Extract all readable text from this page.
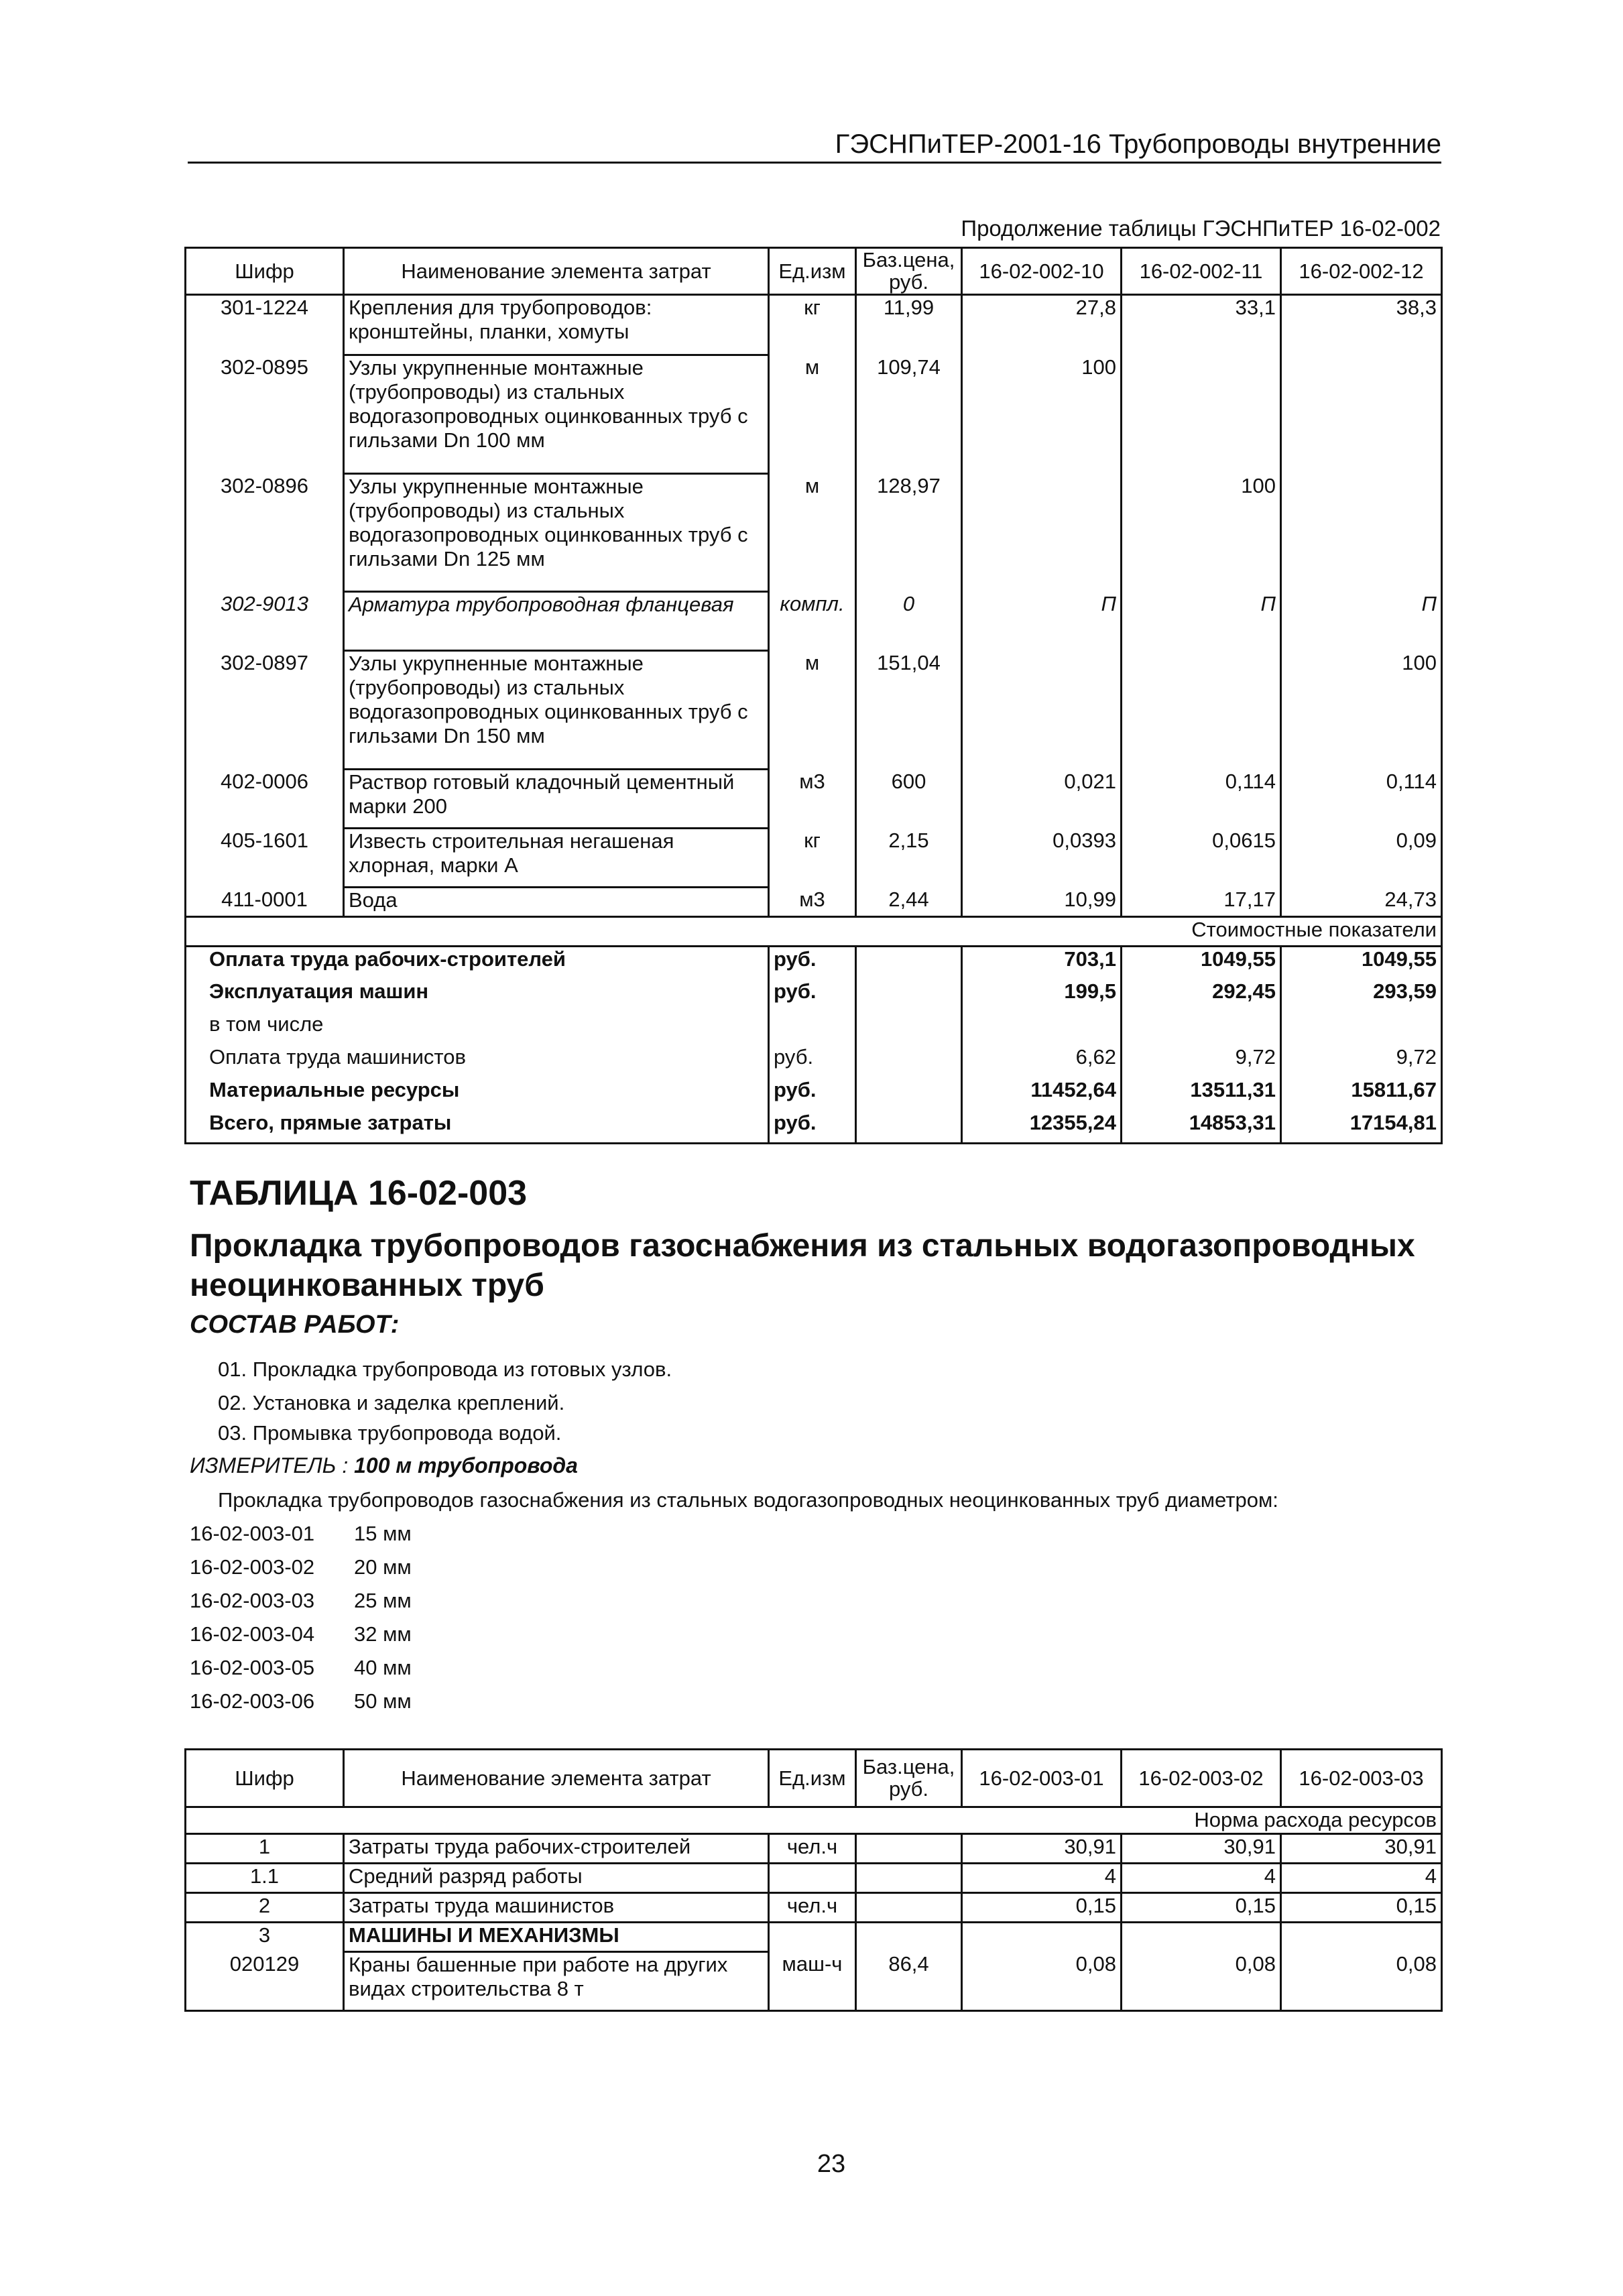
ГЭСНПиТЕР-2001-16 Трубопроводы внутренние
Продолжение таблицы ГЭСНПиТЕР 16-02-002
Шифр	Наименование элемента затрат	Ед.изм	Баз.цена, руб.	16-02-002-10	16-02-002-11	16-02-002-12
301-1224	Крепления для трубопроводов: кронштейны, планки, хомуты	кг	11,99	27,8	33,1	38,3
302-0895	Узлы укрупненные монтажные (трубопроводы) из стальных водогазопроводных оцинкованных труб с гильзами Dn 100 мм	м	109,74	100		
302-0896	Узлы укрупненные монтажные (трубопроводы) из стальных водогазопроводных оцинкованных труб с гильзами Dn 125 мм	м	128,97		100	
302-9013	Арматура трубопроводная фланцевая	компл.	0	П	П	П
302-0897	Узлы укрупненные монтажные (трубопроводы) из стальных водогазопроводных оцинкованных труб с гильзами Dn 150 мм	м	151,04			100
402-0006	Раствор готовый кладочный цементный марки 200	м3	600	0,021	0,114	0,114
405-1601	Известь строительная негашеная хлорная, марки А	кг	2,15	0,0393	0,0615	0,09
411-0001	Вода	м3	2,44	10,99	17,17	24,73
Стоимостные показатели						
Оплата труда рабочих-строителей		руб.		703,1	1049,55	1049,55
Эксплуатация машин		руб.		199,5	292,45	293,59
в том числе						
Оплата труда машинистов		руб.		6,62	9,72	9,72
Материальные ресурсы		руб.		11452,64	13511,31	15811,67
Всего, прямые затраты		руб.		12355,24	14853,31	17154,81
ТАБЛИЦА 16-02-003
Прокладка трубопроводов газоснабжения из стальных водогазопроводных неоцинкованных труб
СОСТАВ РАБОТ:
01. Прокладка трубопровода из готовых узлов.
02. Установка и заделка креплений.
03. Промывка трубопровода водой.
ИЗМЕРИТЕЛЬ : 100 м трубопровода
Прокладка трубопроводов газоснабжения из стальных водогазопроводных неоцинкованных труб диаметром:
16-02-003-01 15 мм
16-02-003-02 20 мм
16-02-003-03 25 мм
16-02-003-04 32 мм
16-02-003-05 40 мм
16-02-003-06 50 мм
Шифр	Наименование элемента затрат	Ед.изм	Баз.цена, руб.	16-02-003-01	16-02-003-02	16-02-003-03
Норма расхода ресурсов						
1	Затраты труда рабочих-строителей	чел.ч		30,91	30,91	30,91
1.1	Средний разряд работы			4	4	4
2	Затраты труда машинистов	чел.ч		0,15	0,15	0,15
3	МАШИНЫ И МЕХАНИЗМЫ					
020129	Краны башенные при работе на других видах строительства 8 т	маш-ч	86,4	0,08	0,08	0,08
23
